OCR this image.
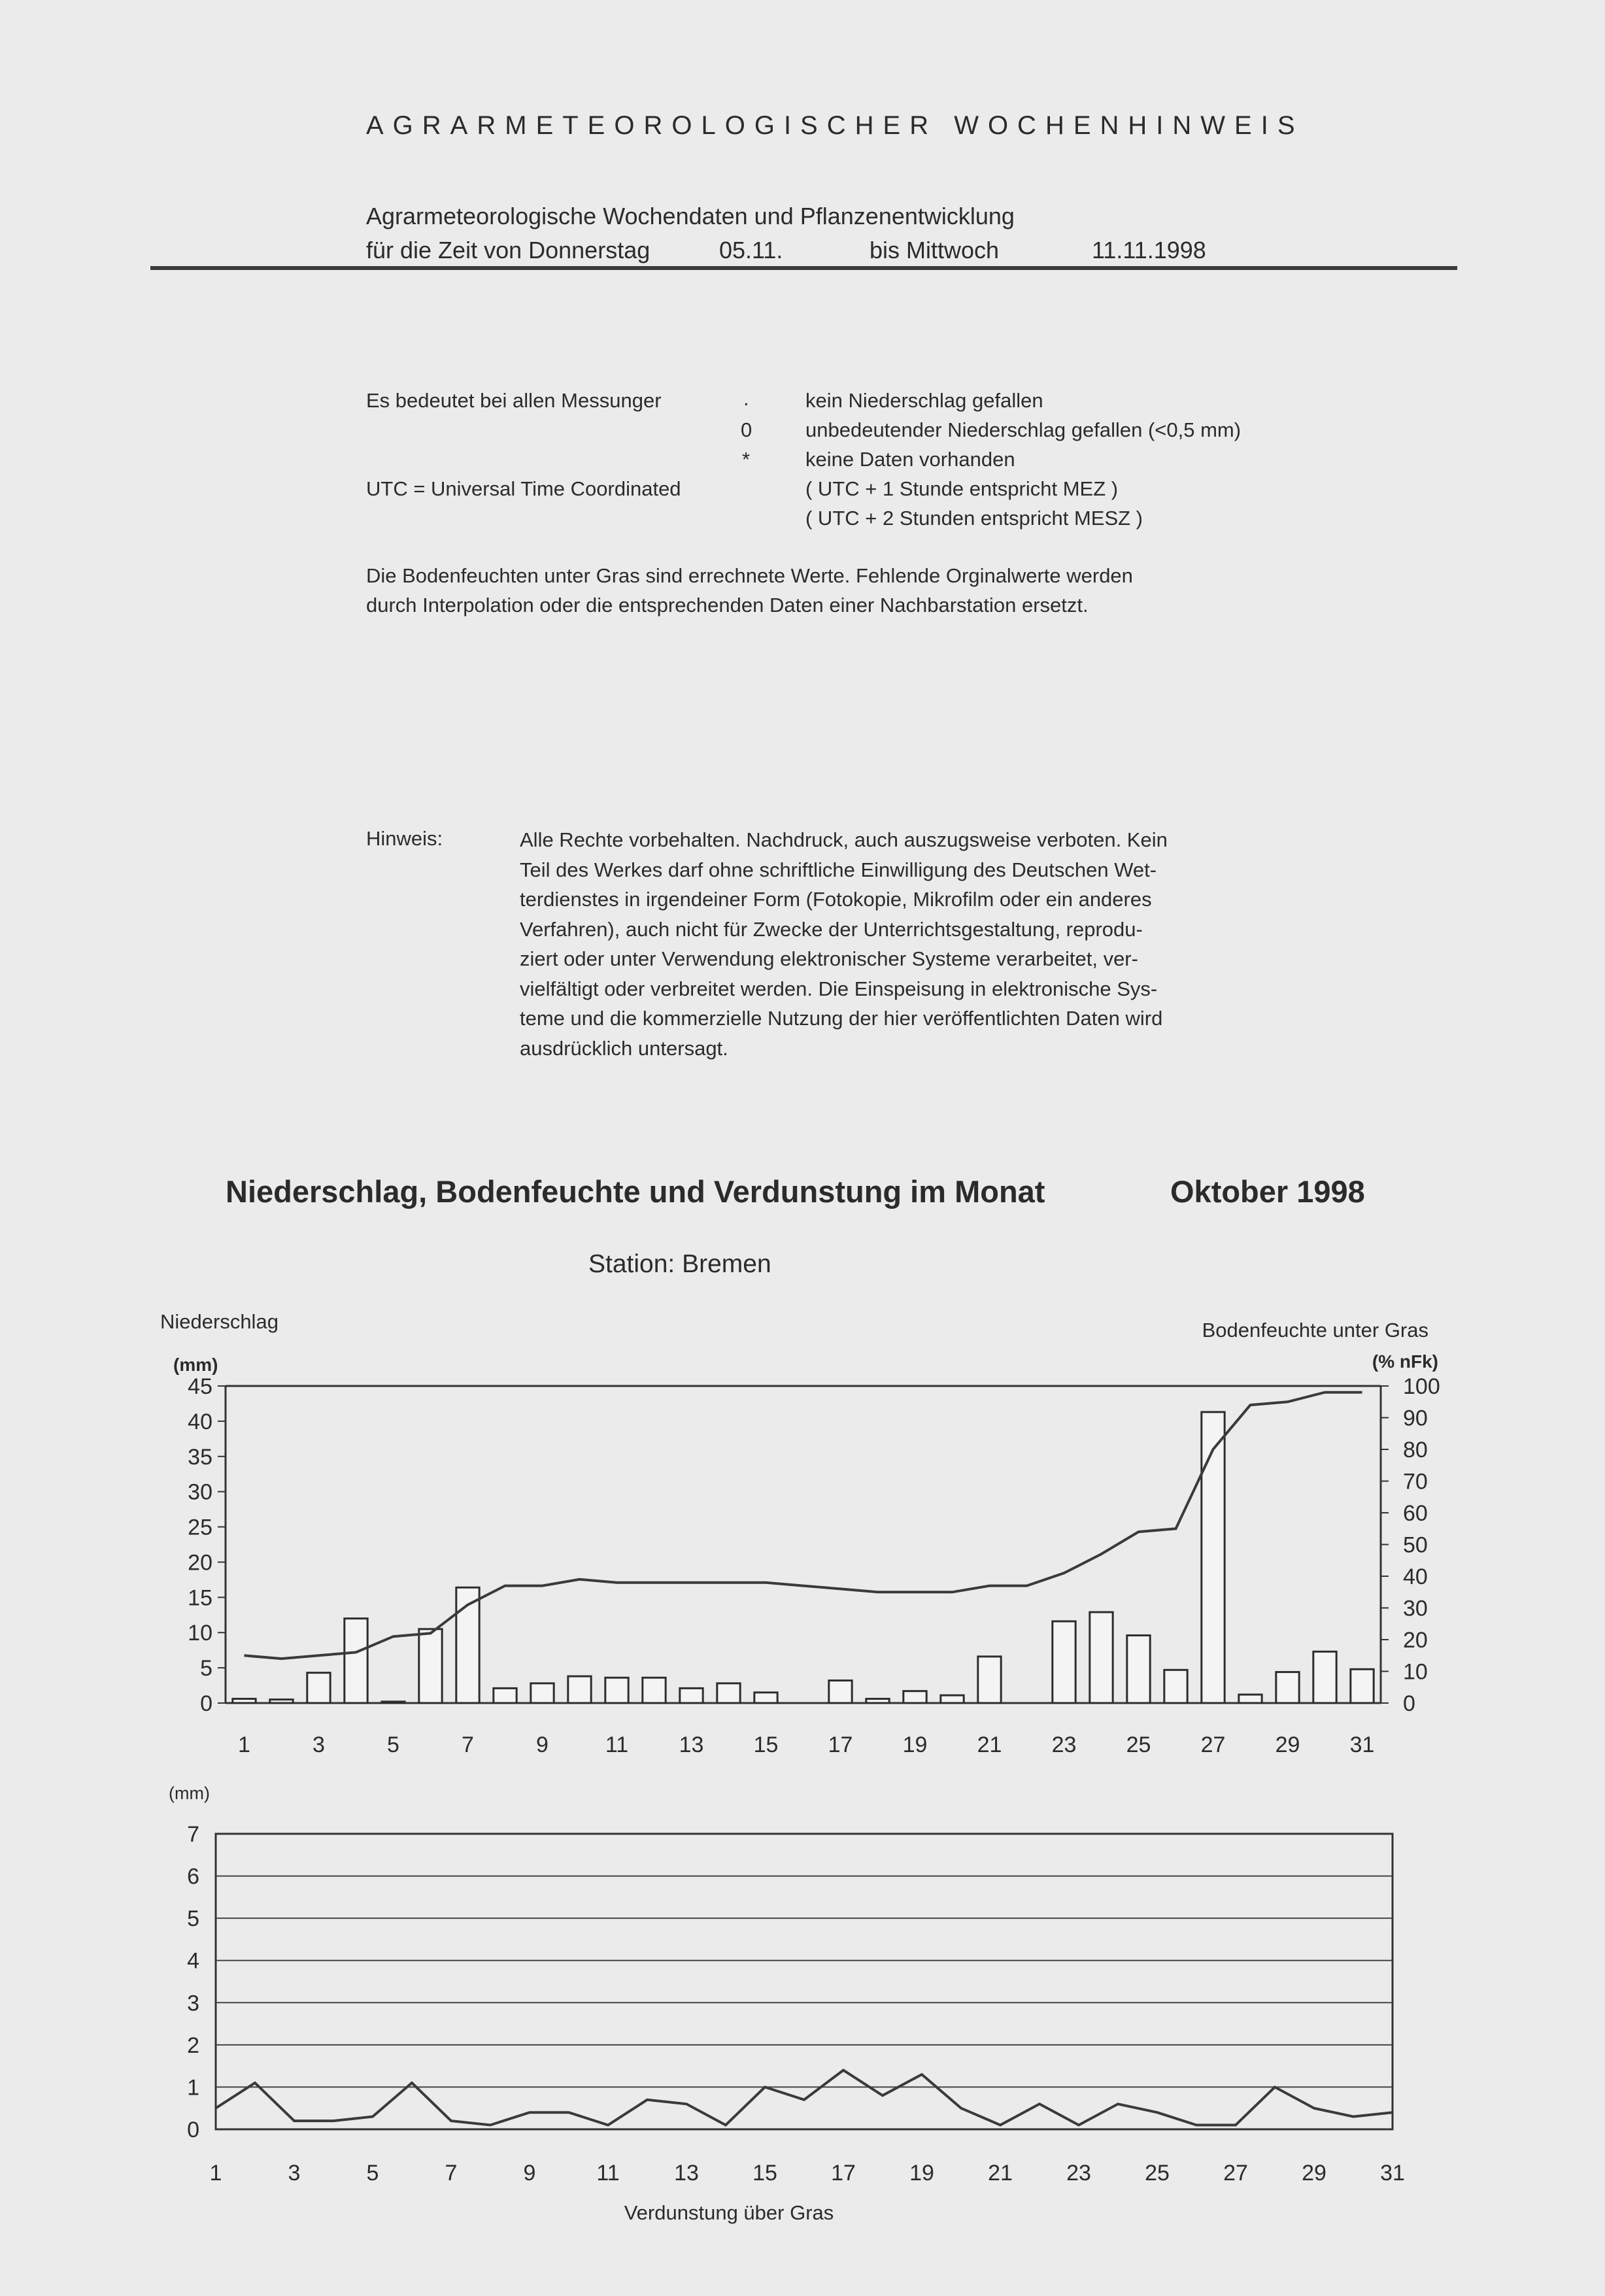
AGRARMETEOROLOGISCHER WOCHENHINWEIS
Agrarmeteorologische Wochendaten und Pflanzenentwicklung

für die Zeit von Donnerstag

	05.11.

	bis Mittwoch

	11.11.1998

Es bedeutet bei allen Messunger	.	kein Niederschlag gefallen
0	unbedeutender Niederschlag gefallen (<0,5 mm)
*	keine Daten vorhanden
UTC = Universal Time Coordinated	( UTC + 1 Stunde entspricht MEZ )
( UTC + 2 Stunden entspricht MESZ )
Die Bodenfeuchten unter Gras sind errechnete Werte. Fehlende Orginalwerte werden
durch Interpolation oder die entsprechenden Daten einer Nachbarstation ersetzt.
Hinweis:	Alle Rechte vorbehalten. Nachdruck, auch auszugsweise verboten. Kein
Teil des Werkes darf ohne schriftliche Einwilligung des Deutschen Wet-
terdienstes in irgendeiner Form (Fotokopie, Mikrofilm oder ein anderes
Verfahren), auch nicht für Zwecke der Unterrichtsgestaltung, reprodu-
ziert oder unter Verwendung elektronischer Systeme verarbeitet, ver-
vielfältigt oder verbreitet werden. Die Einspeisung in elektronische Sys-
teme und die kommerzielle Nutzung der hier veröffentlichten Daten wird
ausdrücklich untersagt.
Niederschlag, Bodenfeuchte und Verdunstung im Monat	Oktober 1998
Station: Bremen
Niederschlag
(mm)
Bodenfeuchte unter Gras
(% nFk)
0
5
10
15
20
25
30
35
40
45
0
10
20
30
40
50
60
70
80
90
100
1	3	5	7	9	11 13 15 17 19 21 23 25 27 29 31
(mm)
0
1
2
3
4
5
6
7
1	3	5	7	9	11 13 15 17 19 21 23 25 27 29 31
Verdunstung über Gras
